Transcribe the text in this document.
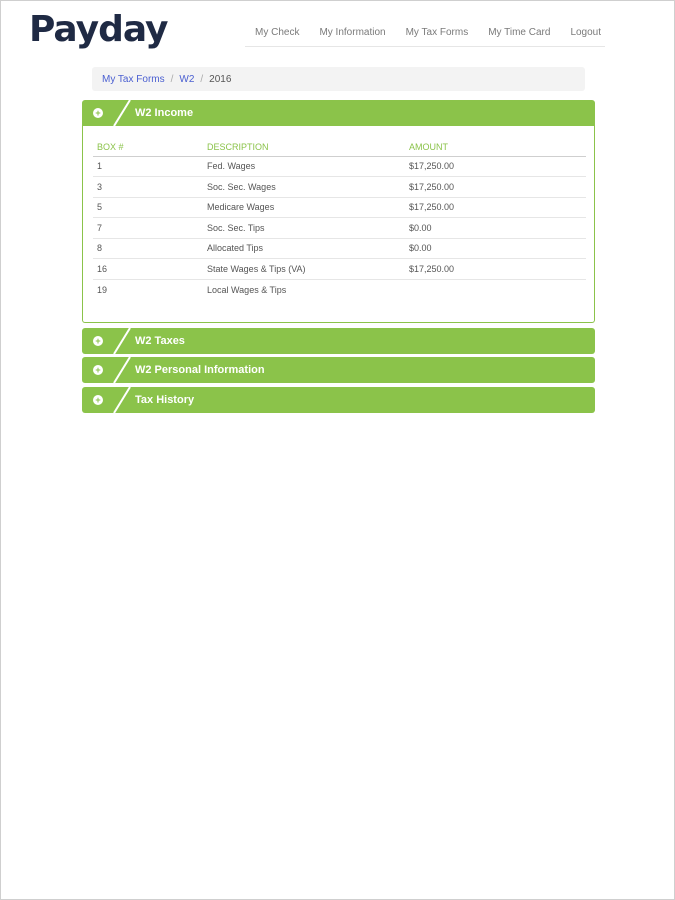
Payday	My Check My Information My Tax Forms My Time Card Logout
My Tax Forms / W2 / 2016
+	W2 Income
BOX #	DESCRIPTION	AMOUNT
1	Fed. Wages	$17,250.00
3	Soc. Sec. Wages	$17,250.00
5	Medicare Wages	$17,250.00
7	Soc. Sec. Tips	$0.00
8	Allocated Tips	$0.00
16	State Wages & Tips (VA)	$17,250.00
19	Local Wages & Tips	
+	W2 Taxes
+	W2 Personal Information
+	Tax History
